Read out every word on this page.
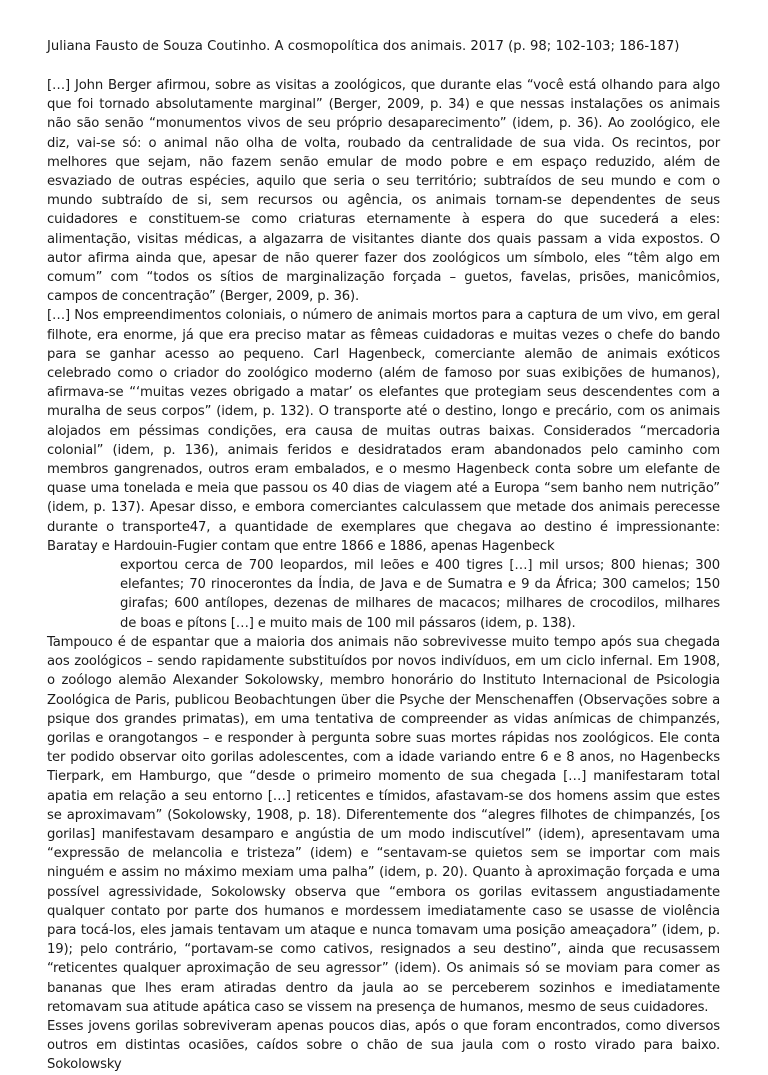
Juliana Fausto de Souza Coutinho. A cosmopolítica dos animais. 2017 (p. 98; 102-103; 186-187)

[…] John Berger afirmou, sobre as visitas a zoológicos, que durante elas “você está olhando para algo que foi tornado absolutamente marginal” (Berger, 2009, p. 34) e que nessas instalações os animais não são senão “monumentos vivos de seu próprio desaparecimento” (idem, p. 36). Ao zoológico, ele diz, vai-se só: o animal não olha de volta, roubado da centralidade de sua vida. Os recintos, por melhores que sejam, não fazem senão emular de modo pobre e em espaço reduzido, além de esvaziado de outras espécies, aquilo que seria o seu território; subtraídos de seu mundo e com o mundo subtraído de si, sem recursos ou agência, os animais tornam-se dependentes de seus cuidadores e constituem-se como criaturas eternamente à espera do que sucederá a eles: alimentação, visitas médicas, a algazarra de visitantes diante dos quais passam a vida expostos. O autor afirma ainda que, apesar de não querer fazer dos zoológicos um símbolo, eles “têm algo em comum” com “todos os sítios de marginalização forçada – guetos, favelas, prisões, manicômios, campos de concentração” (Berger, 2009, p. 36).

[…] Nos empreendimentos coloniais, o número de animais mortos para a captura de um vivo, em geral filhote, era enorme, já que era preciso matar as fêmeas cuidadoras e muitas vezes o chefe do bando para se ganhar acesso ao pequeno. Carl Hagenbeck, comerciante alemão de animais exóticos celebrado como o criador do zoológico moderno (além de famoso por suas exibições de humanos), afirmava-se “‘muitas vezes obrigado a matar’ os elefantes que protegiam seus descendentes com a muralha de seus corpos” (idem, p. 132). O transporte até o destino, longo e precário, com os animais alojados em péssimas condições, era causa de muitas outras baixas. Considerados “mercadoria colonial” (idem, p. 136), animais feridos e desidratados eram abandonados pelo caminho com membros gangrenados, outros eram embalados, e o mesmo Hagenbeck conta sobre um elefante de quase uma tonelada e meia que passou os 40 dias de viagem até a Europa “sem banho nem nutrição” (idem, p. 137). Apesar disso, e embora comerciantes calculassem que metade dos animais perecesse durante o transporte47, a quantidade de exemplares que chegava ao destino é impressionante: Baratay e Hardouin-Fugier contam que entre 1866 e 1886, apenas Hagenbeck

exportou cerca de 700 leopardos, mil leões e 400 tigres […] mil ursos; 800 hienas; 300 elefantes; 70 rinocerontes da Índia, de Java e de Sumatra e 9 da África; 300 camelos; 150 girafas; 600 antílopes, dezenas de milhares de macacos; milhares de crocodilos, milhares de boas e pítons […] e muito mais de 100 mil pássaros (idem, p. 138).

Tampouco é de espantar que a maioria dos animais não sobrevivesse muito tempo após sua chegada aos zoológicos – sendo rapidamente substituídos por novos indivíduos, em um ciclo infernal. Em 1908, o zoólogo alemão Alexander Sokolowsky, membro honorário do Instituto Internacional de Psicologia Zoológica de Paris, publicou Beobachtungen über die Psyche der Menschenaffen (Observações sobre a psique dos grandes primatas), em uma tentativa de compreender as vidas anímicas de chimpanzés, gorilas e orangotangos – e responder à pergunta sobre suas mortes rápidas nos zoológicos. Ele conta ter podido observar oito gorilas adolescentes, com a idade variando entre 6 e 8 anos, no Hagenbecks Tierpark, em Hamburgo, que “desde o primeiro momento de sua chegada […] manifestaram total apatia em relação a seu entorno […] reticentes e tímidos, afastavam-se dos homens assim que estes se aproximavam” (Sokolowsky, 1908, p. 18). Diferentemente dos “alegres filhotes de chimpanzés, [os gorilas] manifestavam desamparo e angústia de um modo indiscutível” (idem), apresentavam uma “expressão de melancolia e tristeza” (idem) e “sentavam-se quietos sem se importar com mais ninguém e assim no máximo mexiam uma palha” (idem, p. 20). Quanto à aproximação forçada e uma possível agressividade, Sokolowsky observa que “embora os gorilas evitassem angustiadamente qualquer contato por parte dos humanos e mordessem imediatamente caso se usasse de violência para tocá-los, eles jamais tentavam um ataque e nunca tomavam uma posição ameaçadora” (idem, p. 19); pelo contrário, “portavam-se como cativos, resignados a seu destino”, ainda que recusassem “reticentes qualquer aproximação de seu agressor” (idem). Os animais só se moviam para comer as bananas que lhes eram atiradas dentro da jaula ao se perceberem sozinhos e imediatamente retomavam sua atitude apática caso se vissem na presença de humanos, mesmo de seus cuidadores.

Esses jovens gorilas sobreviveram apenas poucos dias, após o que foram encontrados, como diversos outros em distintas ocasiões, caídos sobre o chão de sua jaula com o rosto virado para baixo. Sokolowsky
